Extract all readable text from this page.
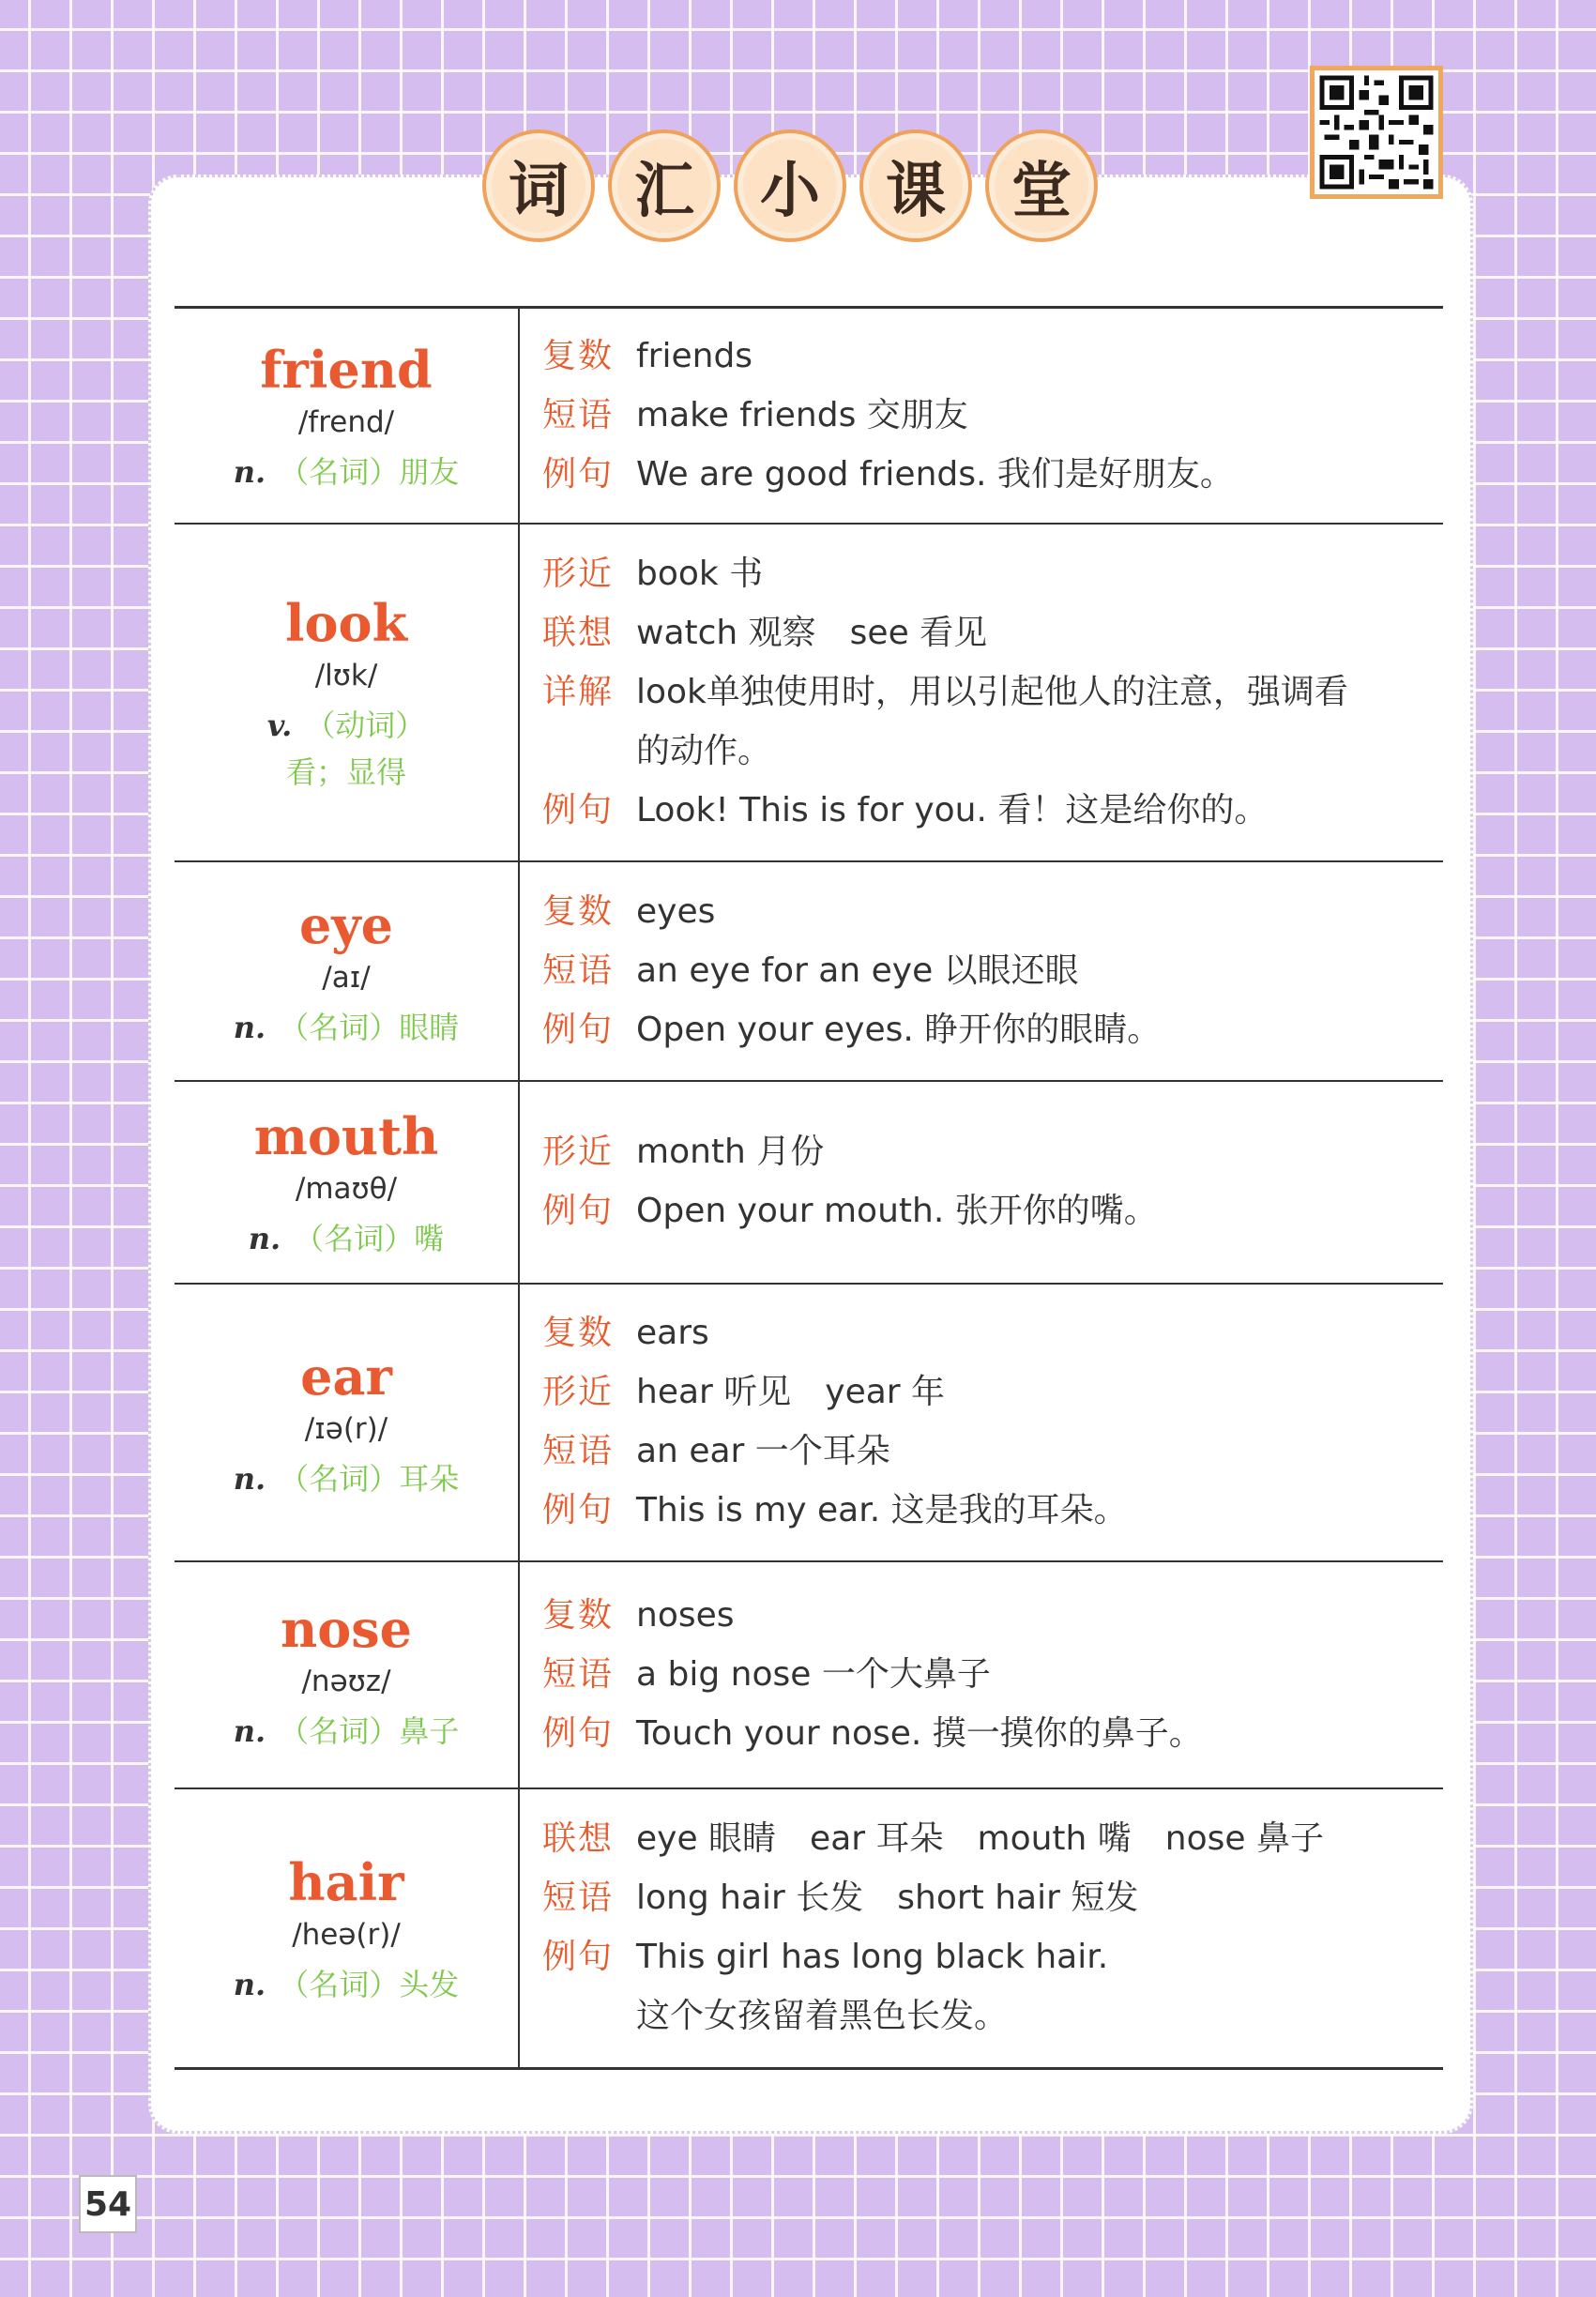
词 汇 小 课 堂
friend
/frend/
n. （名词）朋友
复数 friends
短语 make friends 交朋友
例句 We are good friends. 我们是好朋友。
look
/lʊk/
v. （动词）
看；显得
形近 book 书
联想 watch 观察　see 看见
详解 look单独使用时，用以引起他人的注意，强调看
的动作。
例句 Look! This is for you. 看！这是给你的。
eye
/aɪ/
n. （名词）眼睛
复数 eyes
短语 an eye for an eye 以眼还眼
例句 Open your eyes. 睁开你的眼睛。
mouth
/maʊθ/
n. （名词）嘴
形近 month 月份
例句 Open your mouth. 张开你的嘴。
ear
/ɪə(r)/
n. （名词）耳朵
复数 ears
形近 hear 听见　year 年
短语 an ear 一个耳朵
例句 This is my ear. 这是我的耳朵。
nose
/nəʊz/
n. （名词）鼻子
复数 noses
短语 a big nose 一个大鼻子
例句 Touch your nose. 摸一摸你的鼻子。
hair
/heə(r)/
n. （名词）头发
联想 eye 眼睛　ear 耳朵　mouth 嘴　nose 鼻子
短语 long hair 长发　short hair 短发
例句 This girl has long black hair.
这个女孩留着黑色长发。
54
